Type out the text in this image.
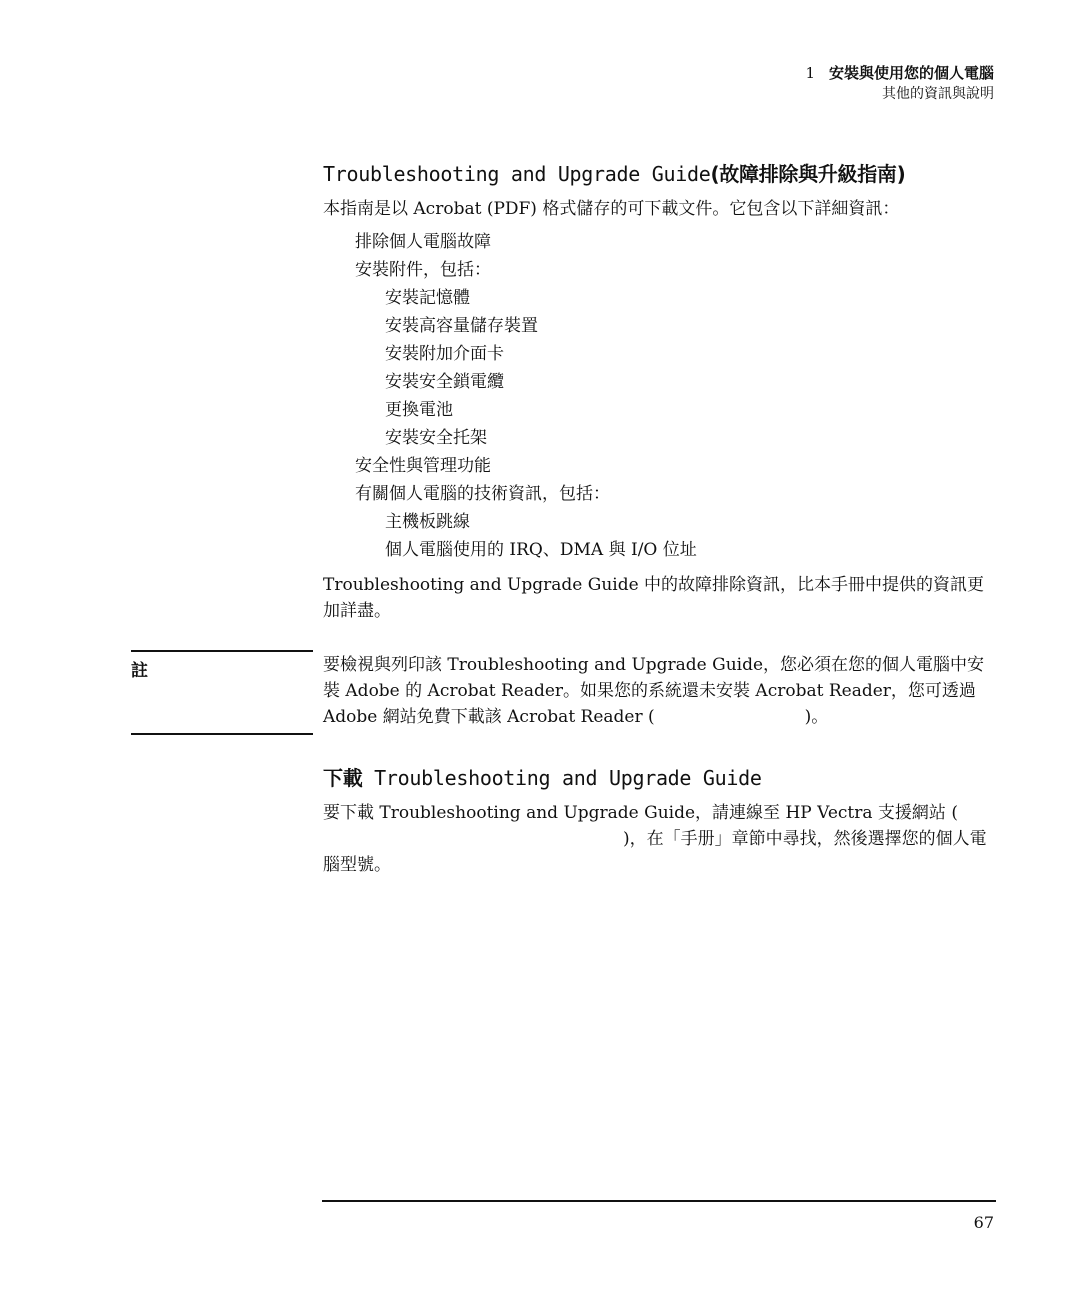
1 安裝與使用您的個人電腦
其他的資訊與說明
Troubleshooting and Upgrade Guide(故障排除與升級指南)

本指南是以 Acrobat (PDF) 格式儲存的可下載文件。它包含以下詳細資訊：

排除個人電腦故障
安裝附件，包括：
安裝記憶體
安裝高容量儲存裝置
安裝附加介面卡
安裝安全鎖電纜
更換電池
安裝安全托架
安全性與管理功能
有關個人電腦的技術資訊，包括：
主機板跳線
個人電腦使用的 IRQ、DMA 與 I/O 位址

Troubleshooting and Upgrade Guide 中的故障排除資訊，比本手冊中提供的資訊更加詳盡。

註	要檢視與列印該 Troubleshooting and Upgrade Guide，您必須在您的個人電腦中安裝 Adobe 的 Acrobat Reader。如果您的系統還未安裝 Acrobat Reader，您可透過 Adobe 網站免費下載該 Acrobat Reader (	)。

下載 Troubleshooting and Upgrade Guide

要下載 Troubleshooting and Upgrade Guide，請連線至 HP Vectra 支援網站 ()，在「手册」章節中尋找，然後選擇您的個人電腦型號。

67
